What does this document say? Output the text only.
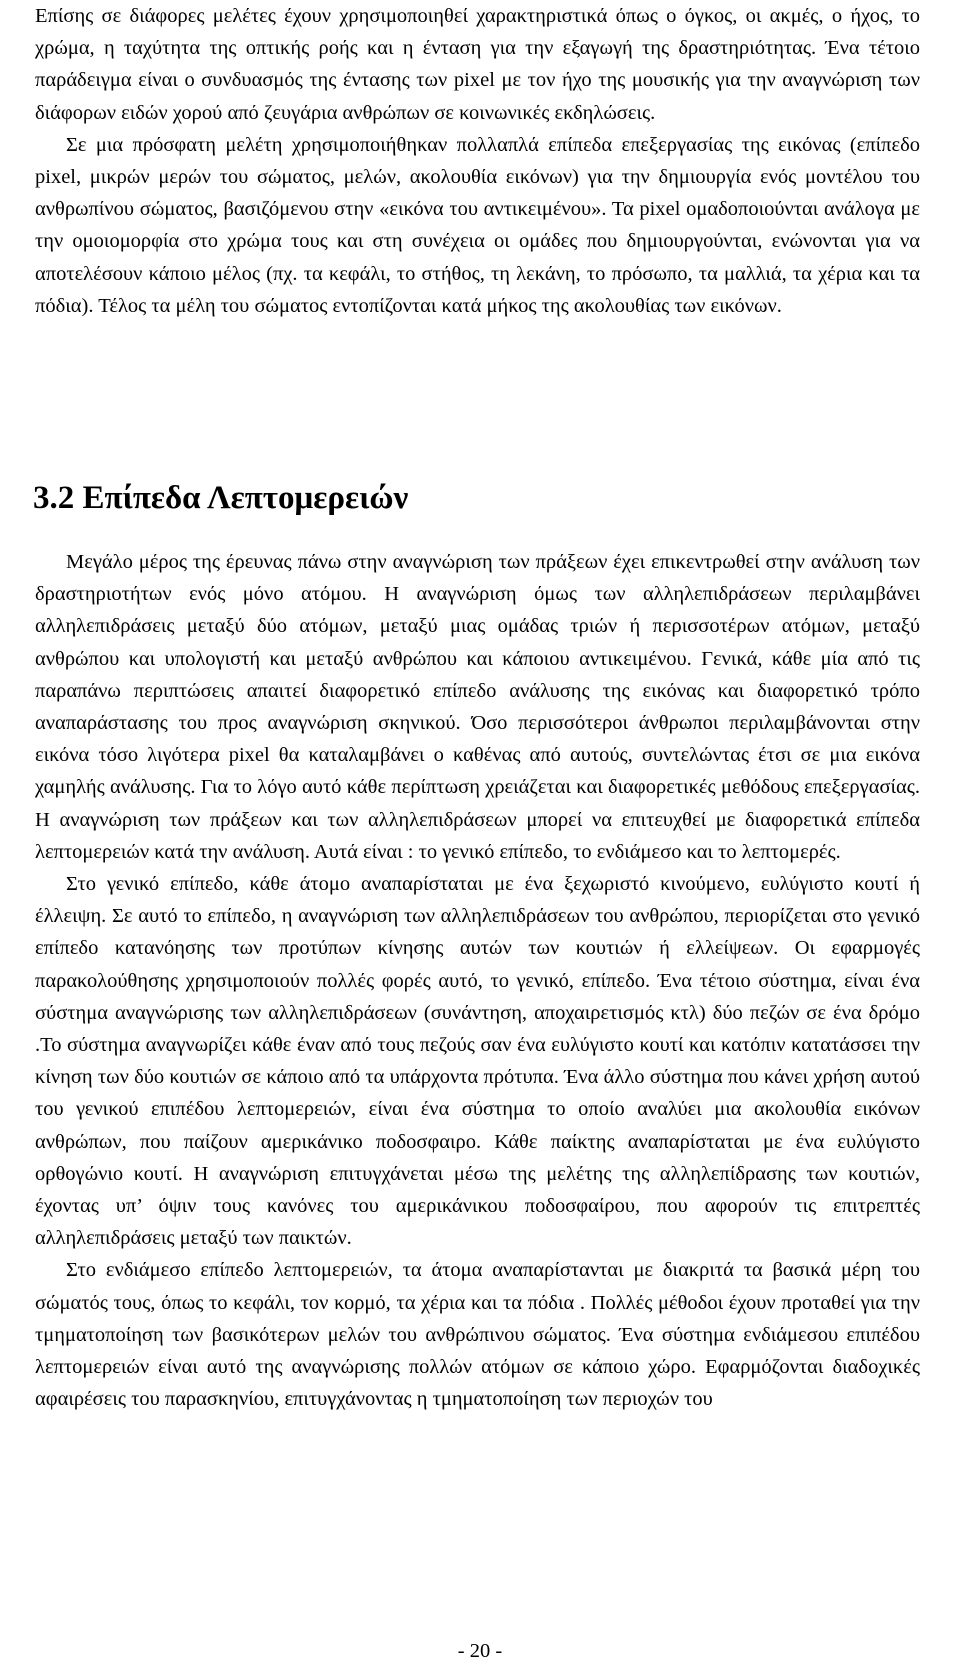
Επίσης σε διάφορες μελέτες έχουν χρησιμοποιηθεί χαρακτηριστικά όπως ο όγκος, οι ακμές, ο ήχος, το χρώμα, η ταχύτητα της οπτικής ροής και η ένταση για την εξαγωγή της δραστηριότητας. Ένα τέτοιο παράδειγμα είναι ο συνδυασμός της έντασης των pixel με τον ήχο της μουσικής για την αναγνώριση των διάφορων ειδών χορού από ζευγάρια ανθρώπων σε κοινωνικές εκδηλώσεις.

Σε μια πρόσφατη μελέτη χρησιμοποιήθηκαν πολλαπλά επίπεδα επεξεργασίας της εικόνας (επίπεδο pixel, μικρών μερών του σώματος, μελών, ακολουθία εικόνων) για την δημιουργία ενός μοντέλου του ανθρωπίνου σώματος, βασιζόμενου στην «εικόνα του αντικειμένου». Τα pixel ομαδοποιούνται ανάλογα με την ομοιομορφία στο χρώμα τους και στη συνέχεια οι ομάδες που δημιουργούνται, ενώνονται για να αποτελέσουν κάποιο μέλος (πχ. τα κεφάλι, το στήθος, τη λεκάνη, το πρόσωπο, τα μαλλιά, τα χέρια και τα πόδια). Τέλος τα μέλη του σώματος εντοπίζονται κατά μήκος της ακολουθίας των εικόνων.

3.2 Επίπεδα Λεπτομερειών

Μεγάλο μέρος της έρευνας πάνω στην αναγνώριση των πράξεων έχει επικεντρωθεί στην ανάλυση των δραστηριοτήτων ενός μόνο ατόμου. Η αναγνώριση όμως των αλληλεπιδράσεων περιλαμβάνει αλληλεπιδράσεις μεταξύ δύο ατόμων, μεταξύ μιας ομάδας τριών ή περισσοτέρων ατόμων, μεταξύ ανθρώπου και υπολογιστή και μεταξύ ανθρώπου και κάποιου αντικειμένου. Γενικά, κάθε μία από τις παραπάνω περιπτώσεις απαιτεί διαφορετικό επίπεδο ανάλυσης της εικόνας και διαφορετικό τρόπο αναπαράστασης του προς αναγνώριση σκηνικού. Όσο περισσότεροι άνθρωποι περιλαμβάνονται στην εικόνα τόσο λιγότερα pixel θα καταλαμβάνει ο καθένας από αυτούς, συντελώντας έτσι σε μια εικόνα χαμηλής ανάλυσης. Για το λόγο αυτό κάθε περίπτωση χρειάζεται και διαφορετικές μεθόδους επεξεργασίας. Η αναγνώριση των πράξεων και των αλληλεπιδράσεων μπορεί να επιτευχθεί με διαφορετικά επίπεδα λεπτομερειών κατά την ανάλυση. Αυτά είναι : το γενικό επίπεδο, το ενδιάμεσο και το λεπτομερές.

Στο γενικό επίπεδο, κάθε άτομο αναπαρίσταται με ένα ξεχωριστό κινούμενο, ευλύγιστο κουτί ή έλλειψη. Σε αυτό το επίπεδο, η αναγνώριση των αλληλεπιδράσεων του ανθρώπου, περιορίζεται στο γενικό επίπεδο κατανόησης των προτύπων κίνησης αυτών των κουτιών ή ελλείψεων. Οι εφαρμογές παρακολούθησης χρησιμοποιούν πολλές φορές αυτό, το γενικό, επίπεδο. Ένα τέτοιο σύστημα, είναι ένα σύστημα αναγνώρισης των αλληλεπιδράσεων (συνάντηση, αποχαιρετισμός κτλ) δύο πεζών σε ένα δρόμο .Το σύστημα αναγνωρίζει κάθε έναν από τους πεζούς σαν ένα ευλύγιστο κουτί και κατόπιν κατατάσσει την κίνηση των δύο κουτιών σε κάποιο από τα υπάρχοντα πρότυπα. Ένα άλλο σύστημα που κάνει χρήση αυτού του γενικού επιπέδου λεπτομερειών, είναι ένα σύστημα το οποίο αναλύει μια ακολουθία εικόνων ανθρώπων, που παίζουν αμερικάνικο ποδοσφαιρο. Κάθε παίκτης αναπαρίσταται με ένα ευλύγιστο ορθογώνιο κουτί. Η αναγνώριση επιτυγχάνεται μέσω της μελέτης της αλληλεπίδρασης των κουτιών, έχοντας υπ’ όψιν τους κανόνες του αμερικάνικου ποδοσφαίρου, που αφορούν τις επιτρεπτές αλληλεπιδράσεις μεταξύ των παικτών.

Στο ενδιάμεσο επίπεδο λεπτομερειών, τα άτομα αναπαρίστανται με διακριτά τα βασικά μέρη του σώματός τους, όπως το κεφάλι, τον κορμό, τα χέρια και τα πόδια . Πολλές μέθοδοι έχουν προταθεί για την τμηματοποίηση των βασικότερων μελών του ανθρώπινου σώματος. Ένα σύστημα ενδιάμεσου επιπέδου λεπτομερειών είναι αυτό της αναγνώρισης πολλών ατόμων σε κάποιο χώρο. Εφαρμόζονται διαδοχικές αφαιρέσεις του παρασκηνίου, επιτυγχάνοντας η τμηματοποίηση των περιοχών του

- 20 -
